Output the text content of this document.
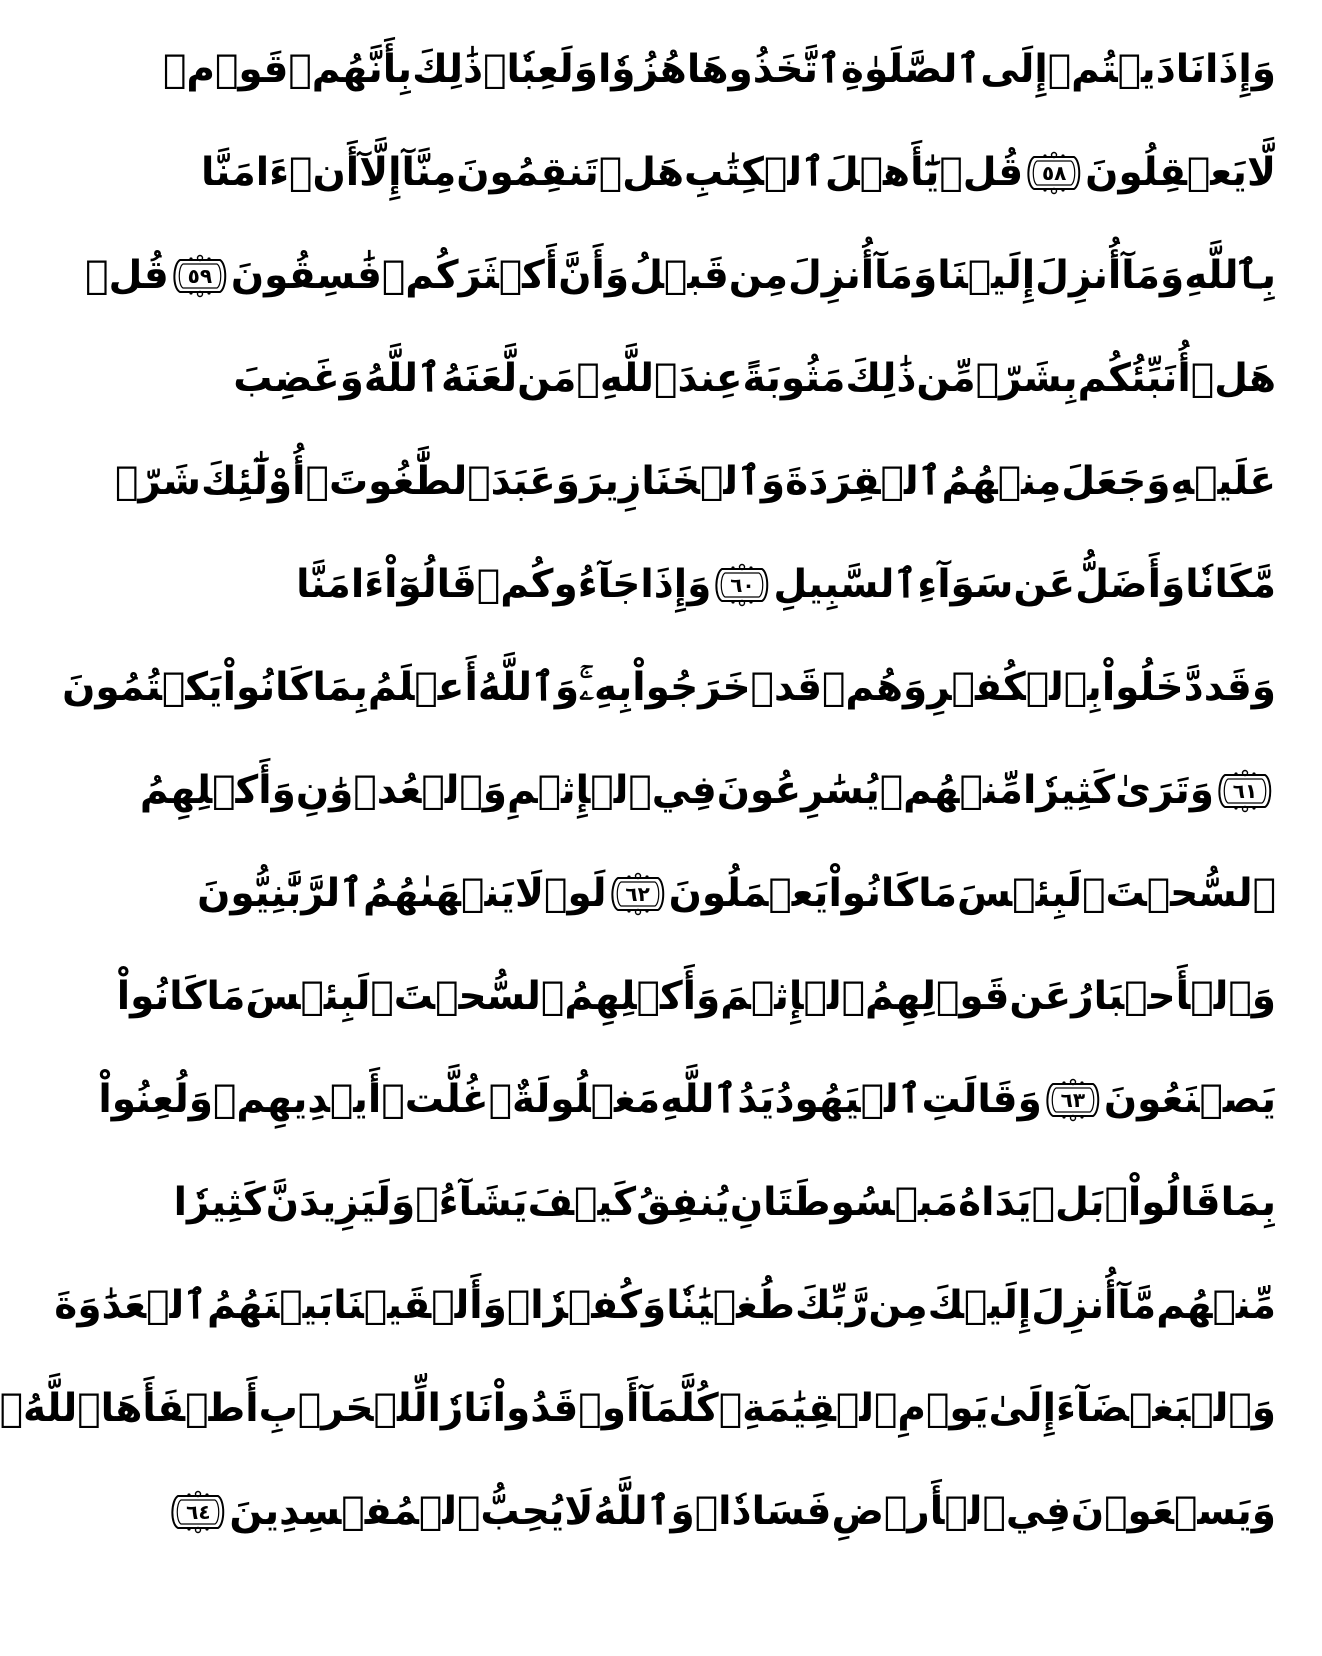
وَإِذَا
نَادَيۡتُمۡ
إِلَى
ٱلصَّلَوٰةِ
ٱتَّخَذُوهَا
هُزُوٗا
وَلَعِبٗاۚ
ذَٰلِكَ
بِأَنَّهُمۡ
قَوۡمٞ
لَّا
يَعۡقِلُونَ
٥٨
قُلۡ
يَٰٓأَهۡلَ
ٱلۡكِتَٰبِ
هَلۡ
تَنقِمُونَ
مِنَّآ
إِلَّآ
أَنۡ
ءَامَنَّا
بِٱللَّهِ
وَمَآ
أُنزِلَ
إِلَيۡنَا
وَمَآ
أُنزِلَ
مِن
قَبۡلُ
وَأَنَّ
أَكۡثَرَكُمۡ
فَٰسِقُونَ
٥٩
قُلۡ
هَلۡ
أُنَبِّئُكُم
بِشَرّٖ
مِّن
ذَٰلِكَ
مَثُوبَةً
عِندَ
ٱللَّهِۚ
مَن
لَّعَنَهُ
ٱللَّهُ
وَغَضِبَ
عَلَيۡهِ
وَجَعَلَ
مِنۡهُمُ
ٱلۡقِرَدَةَ
وَٱلۡخَنَازِيرَ
وَعَبَدَ
ٱلطَّٰغُوتَۚ
أُوْلَٰٓئِكَ
شَرّٞ
مَّكَانٗا
وَأَضَلُّ
عَن
سَوَآءِ
ٱلسَّبِيلِ
٦٠
وَإِذَا
جَآءُوكُمۡ
قَالُوٓاْ
ءَامَنَّا
وَقَد
دَّخَلُواْ
بِٱلۡكُفۡرِ
وَهُمۡ
قَدۡ
خَرَجُواْ
بِهِۦۚ
وَٱللَّهُ
أَعۡلَمُ
بِمَا
كَانُواْ
يَكۡتُمُونَ
٦١
وَتَرَىٰ
كَثِيرٗا
مِّنۡهُمۡ
يُسَٰرِعُونَ
فِي
ٱلۡإِثۡمِ
وَٱلۡعُدۡوَٰنِ
وَأَكۡلِهِمُ
ٱلسُّحۡتَۚ
لَبِئۡسَ
مَا
كَانُواْ
يَعۡمَلُونَ
٦٢
لَوۡلَا
يَنۡهَىٰهُمُ
ٱلرَّبَّٰنِيُّونَ
وَٱلۡأَحۡبَارُ
عَن
قَوۡلِهِمُ
ٱلۡإِثۡمَ
وَأَكۡلِهِمُ
ٱلسُّحۡتَۚ
لَبِئۡسَ
مَا
كَانُواْ
يَصۡنَعُونَ
٦٣
وَقَالَتِ
ٱلۡيَهُودُ
يَدُ
ٱللَّهِ
مَغۡلُولَةٌۚ
غُلَّتۡ
أَيۡدِيهِمۡ
وَلُعِنُواْ
بِمَا
قَالُواْۘ
بَلۡ
يَدَاهُ
مَبۡسُوطَتَانِ
يُنفِقُ
كَيۡفَ
يَشَآءُۚ
وَلَيَزِيدَنَّ
كَثِيرٗا
مِّنۡهُم
مَّآ
أُنزِلَ
إِلَيۡكَ
مِن
رَّبِّكَ
طُغۡيَٰنٗا
وَكُفۡرٗاۚ
وَأَلۡقَيۡنَا
بَيۡنَهُمُ
ٱلۡعَدَٰوَةَ
وَٱلۡبَغۡضَآءَ
إِلَىٰ
يَوۡمِ
ٱلۡقِيَٰمَةِۚ
كُلَّمَآ
أَوۡقَدُواْ
نَارٗا
لِّلۡحَرۡبِ
أَطۡفَأَهَا
ٱللَّهُۚ
وَيَسۡعَوۡنَ
فِي
ٱلۡأَرۡضِ
فَسَادٗاۚ
وَٱللَّهُ
لَا
يُحِبُّ
ٱلۡمُفۡسِدِينَ
٦٤
